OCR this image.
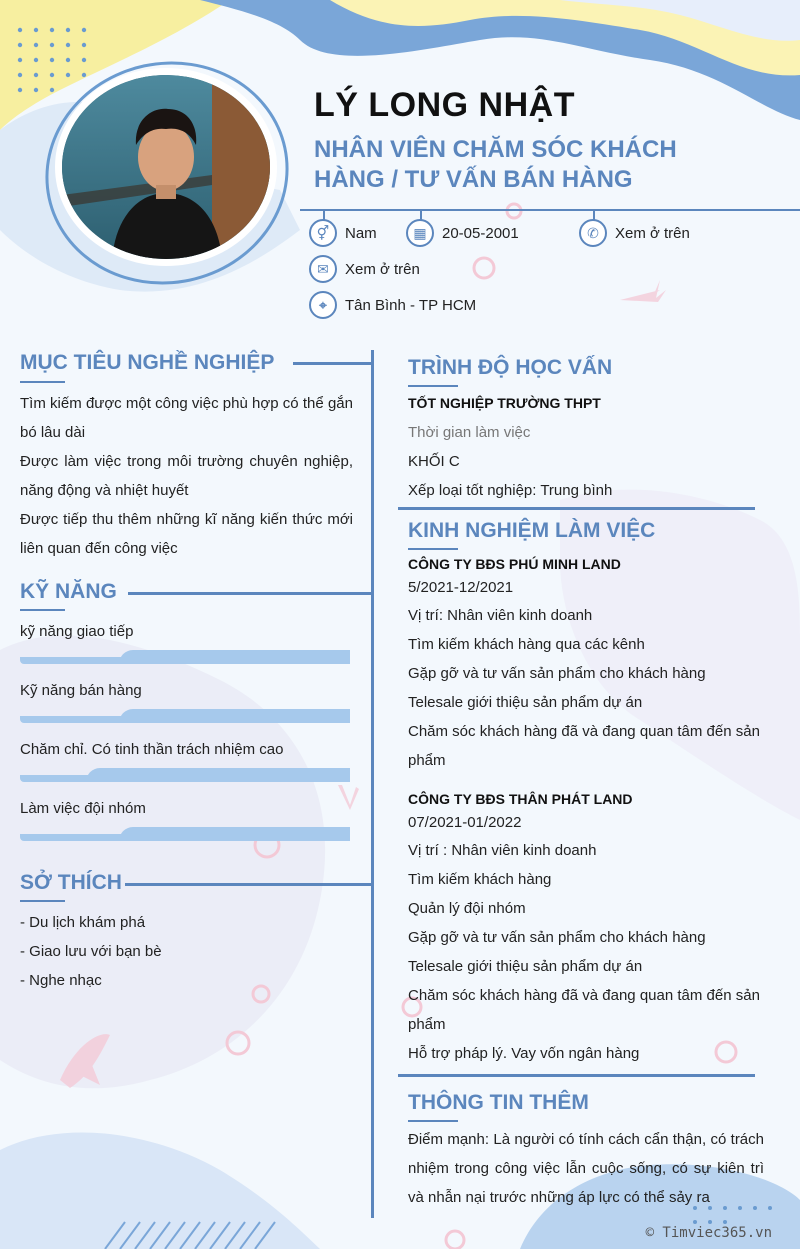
LÝ LONG NHẬT
NHÂN VIÊN CHĂM SÓC KHÁCH
HÀNG / TƯ VẤN BÁN HÀNG
⚥	Nam	▦	20-05-2001	✆	Xem ở trên
✉	Xem ở trên
⌖	Tân Bình - TP HCM
MỤC TIÊU NGHỀ NGHIỆP

Tìm kiếm được một công việc phù hợp có thể gắn bó lâu dài

Được làm việc trong môi trường chuyên nghiệp, năng động và nhiệt huyết

Được tiếp thu thêm những kĩ năng kiến thức mới liên quan đến công việc

KỸ NĂNG
kỹ năng giao tiếp
Kỹ năng bán hàng
Chăm chỉ. Có tinh thần trách nhiệm cao
Làm việc đội nhóm
SỞ THÍCH

- Du lịch khám phá

- Giao lưu với bạn bè

- Nghe nhạc

TRÌNH ĐỘ HỌC VẤN

TỐT NGHIỆP TRƯỜNG THPT

Thời gian làm việc

KHỐI C

Xếp loại tốt nghiệp: Trung bình

KINH NGHIỆM LÀM VIỆC

CÔNG TY BĐS PHÚ MINH LAND

5/2021-12/2021

Vị trí: Nhân viên kinh doanh

Tìm kiếm khách hàng qua các kênh

Gặp gỡ và tư vấn sản phẩm cho khách hàng

Telesale giới thiệu sản phẩm dự án

Chăm sóc khách hàng đã và đang quan tâm đến sản phẩm

CÔNG TY BĐS THÂN PHÁT LAND

07/2021-01/2022

Vị trí : Nhân viên kinh doanh

Tìm kiếm khách hàng

Quản lý đội nhóm

Gặp gỡ và tư vấn sản phẩm cho khách hàng

Telesale giới thiệu sản phẩm dự án

Chăm sóc khách hàng đã và đang quan tâm đến sản phẩm

Hỗ trợ pháp lý. Vay vốn ngân hàng

THÔNG TIN THÊM
Điểm mạnh: Là người có tính cách cẩn thận, có trách nhiệm trong công việc lẫn cuộc sống, có sự kiên trì và nhẫn nại trước những áp lực có thể sảy ra
© Timviec365.vn
